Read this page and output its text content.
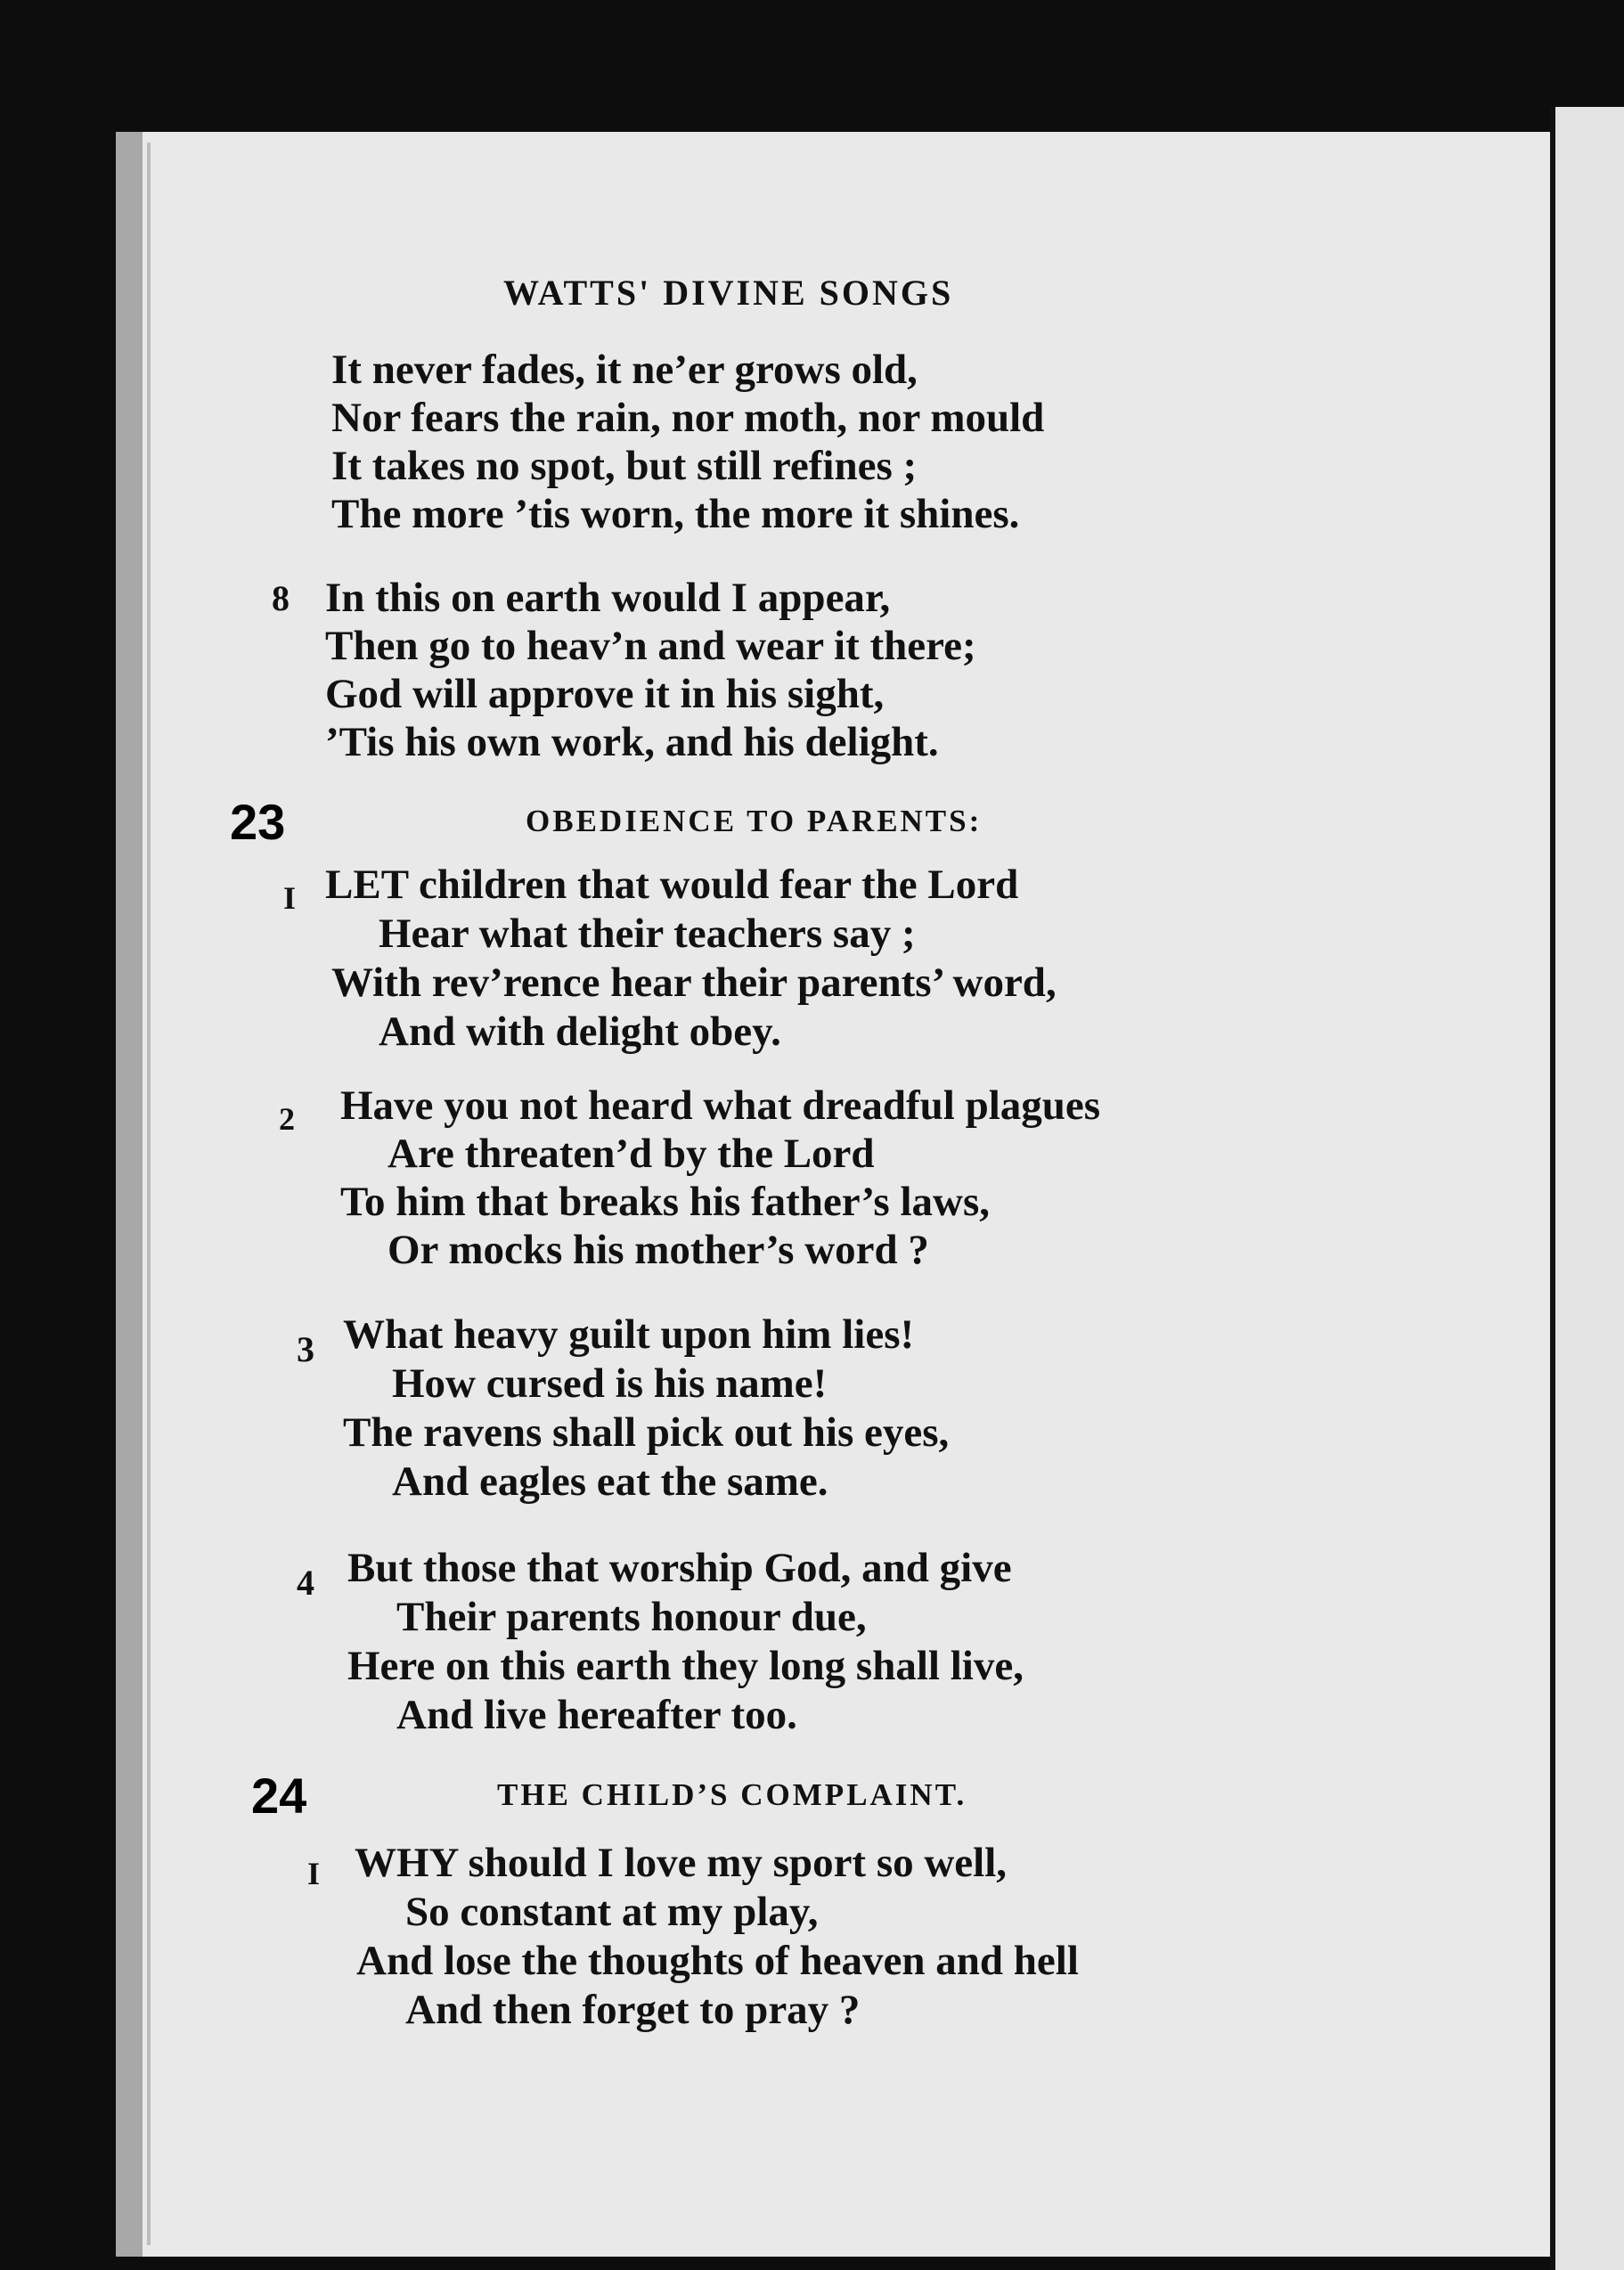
WATTS' DIVINE SONGS
It never fades, it ne’er grows old,
Nor fears the rain, nor moth, nor mould
It takes no spot, but still refines ;
The more ’tis worn, the more it shines.
8 In this on earth would I appear,
Then go to heav’n and wear it there;
God will approve it in his sight,
’Tis his own work, and his delight.
23	OBEDIENCE TO PARENTS:
I LET children that would fear the Lord
Hear what their teachers say ;
With rev’rence hear their parents’ word,
And with delight obey.
2 Have you not heard what dreadful plagues
Are threaten’d by the Lord
To him that breaks his father’s laws,
Or mocks his mother’s word ?
3 What heavy guilt upon him lies!
How cursed is his name!
The ravens shall pick out his eyes,
And eagles eat the same.
4 But those that worship God, and give
Their parents honour due,
Here on this earth they long shall live,
And live hereafter too.
24	THE CHILD’S COMPLAINT.
I WHY should I love my sport so well,
So constant at my play,
And lose the thoughts of heaven and hell
And then forget to pray ?
